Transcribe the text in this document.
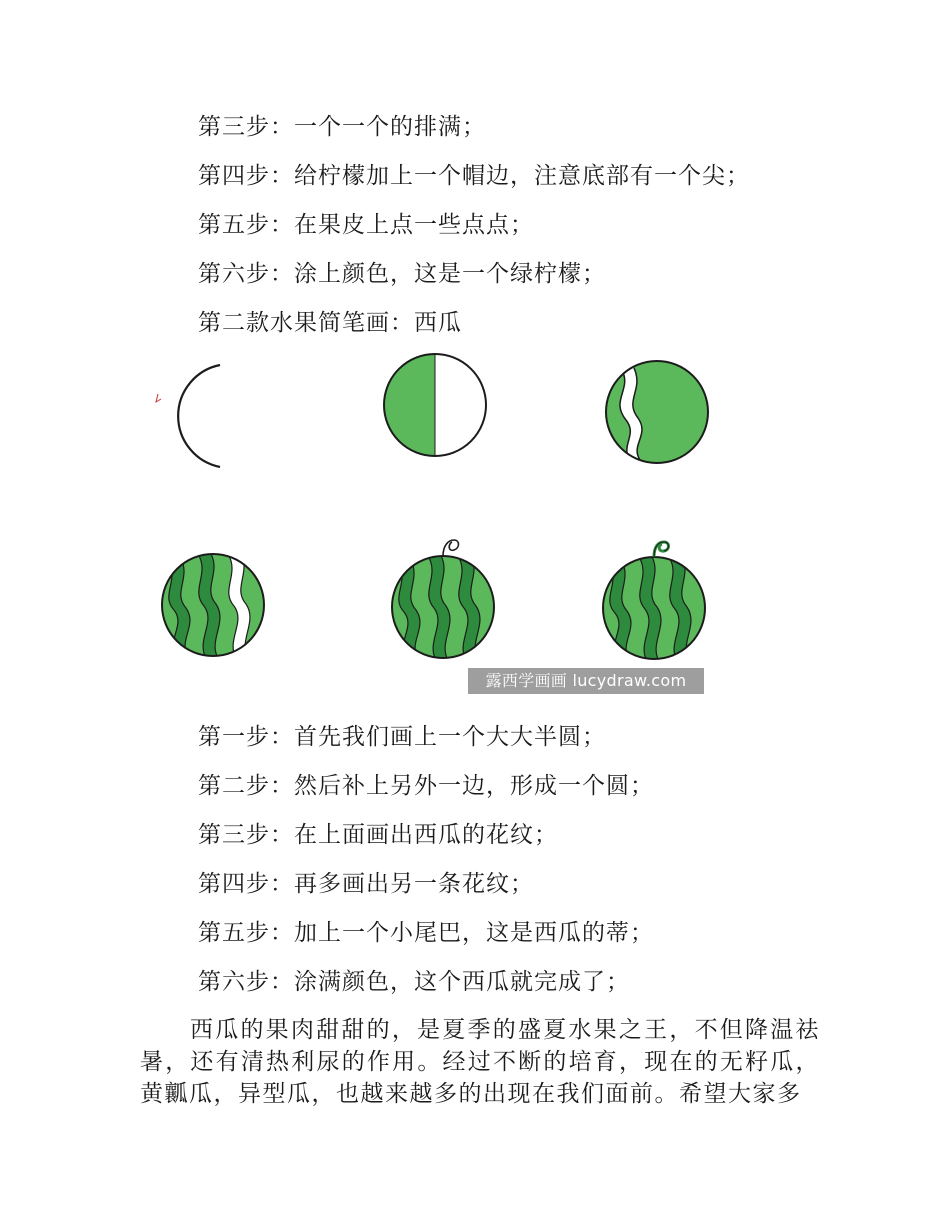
第三步：一个一个的排满；
第四步：给柠檬加上一个帽边，注意底部有一个尖；
第五步：在果皮上点一些点点；
第六步：涂上颜色，这是一个绿柠檬；
第二款水果简笔画：西瓜
露西学画画 lucydraw.com
第一步：首先我们画上一个大大半圆；
第二步：然后补上另外一边，形成一个圆；
第三步：在上面画出西瓜的花纹；
第四步：再多画出另一条花纹；
第五步：加上一个小尾巴，这是西瓜的蒂；
第六步：涂满颜色，这个西瓜就完成了；
西瓜的果肉甜甜的，是夏季的盛夏水果之王，不但降温祛暑，还有清热利尿的作用。经过不断的培育，现在的无籽瓜，黄瓤瓜，异型瓜，也越来越多的出现在我们面前。希望大家多
